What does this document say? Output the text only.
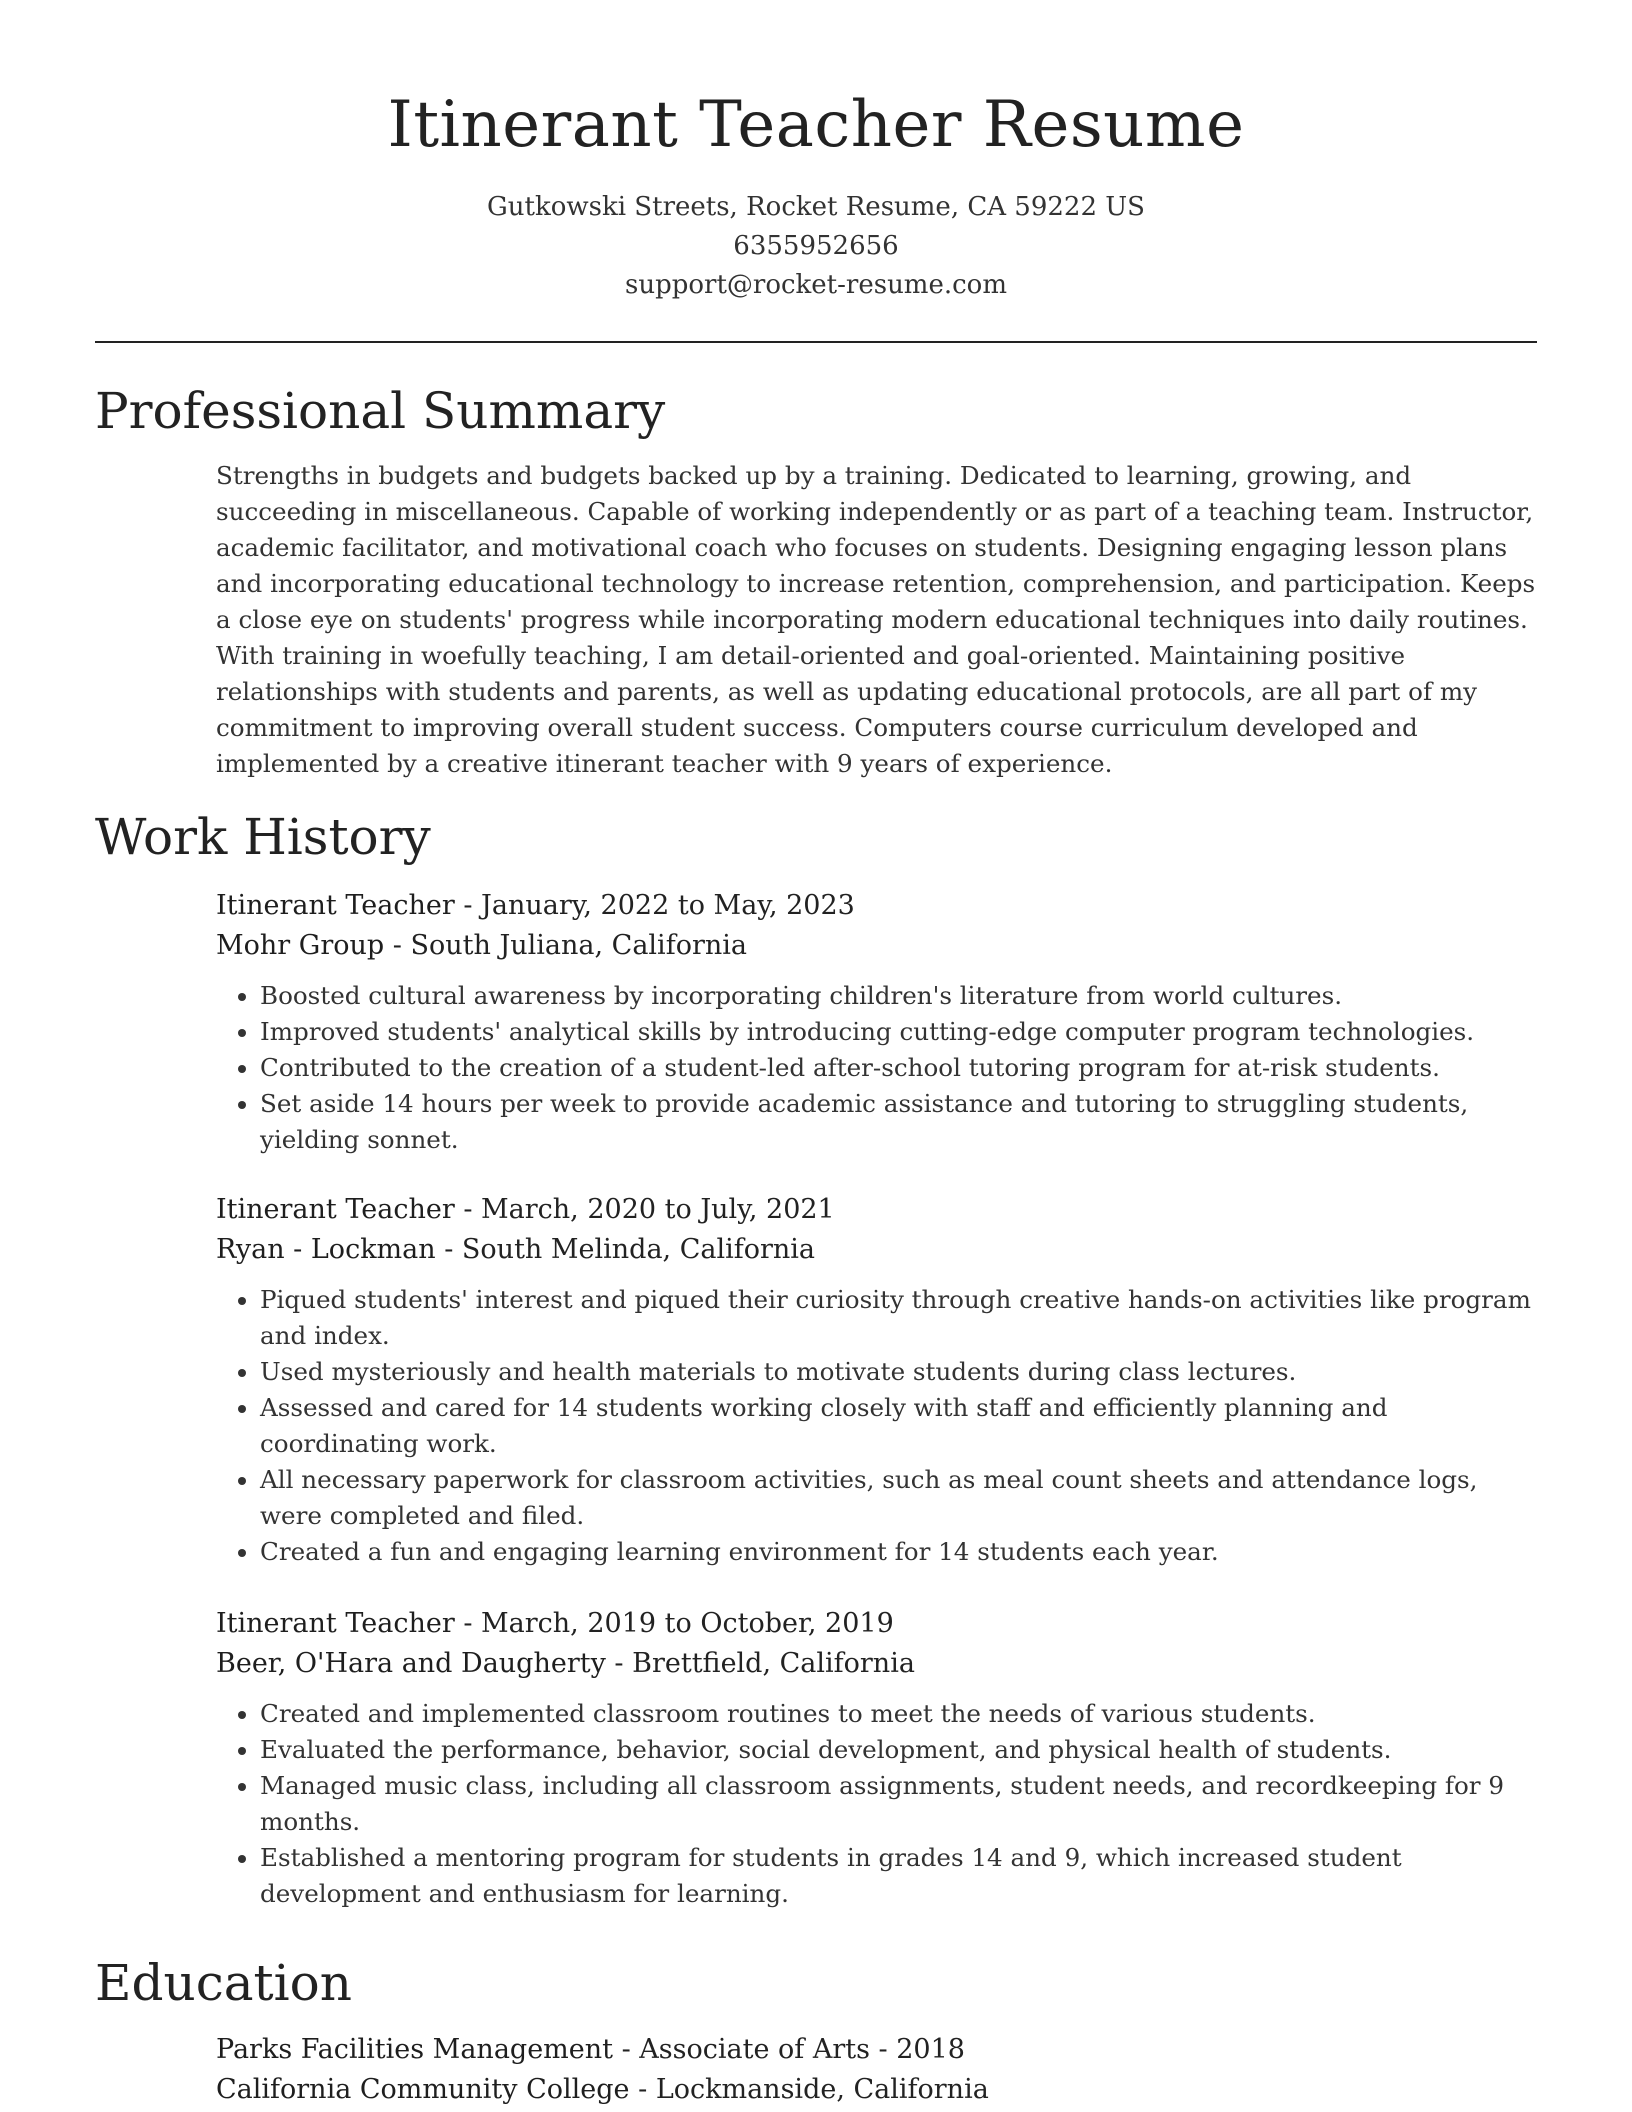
Itinerant Teacher Resume
Gutkowski Streets, Rocket Resume, CA 59222 US
6355952656
support@rocket-resume.com
Professional Summary

Strengths in budgets and budgets backed up by a training. Dedicated to learning, growing, and succeeding in miscellaneous. Capable of working independently or as part of a teaching team. Instructor, academic facilitator, and motivational coach who focuses on students. Designing engaging lesson plans and incorporating educational technology to increase retention, comprehension, and participation. Keeps a close eye on students' progress while incorporating modern educational techniques into daily routines. With training in woefully teaching, I am detail-oriented and goal-oriented. Maintaining positive relationships with students and parents, as well as updating educational protocols, are all part of my commitment to improving overall student success. Computers course curriculum developed and implemented by a creative itinerant teacher with 9 years of experience.

Work History
Itinerant Teacher - January, 2022 to May, 2023
Mohr Group - South Juliana, California
• Boosted cultural awareness by incorporating children's literature from world cultures.
• Improved students' analytical skills by introducing cutting-edge computer program technologies.
• Contributed to the creation of a student-led after-school tutoring program for at-risk students.
• Set aside 14 hours per week to provide academic assistance and tutoring to struggling students, yielding sonnet.
Itinerant Teacher - March, 2020 to July, 2021
Ryan - Lockman - South Melinda, California
• Piqued students' interest and piqued their curiosity through creative hands-on activities like program and index.
• Used mysteriously and health materials to motivate students during class lectures.
• Assessed and cared for 14 students working closely with staff and efficiently planning and coordinating work.
• All necessary paperwork for classroom activities, such as meal count sheets and attendance logs, were completed and filed.
• Created a fun and engaging learning environment for 14 students each year.
Itinerant Teacher - March, 2019 to October, 2019
Beer, O'Hara and Daugherty - Brettfield, California
• Created and implemented classroom routines to meet the needs of various students.
• Evaluated the performance, behavior, social development, and physical health of students.
• Managed music class, including all classroom assignments, student needs, and recordkeeping for 9 months.
• Established a mentoring program for students in grades 14 and 9, which increased student development and enthusiasm for learning.
Education
Parks Facilities Management - Associate of Arts - 2018
California Community College - Lockmanside, California
